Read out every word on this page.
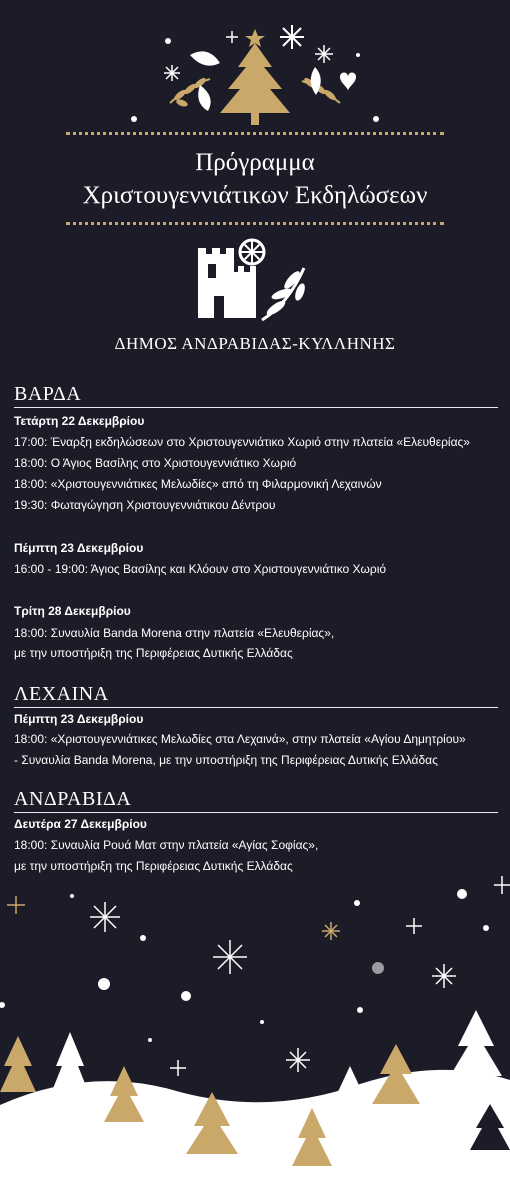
Πρόγραμμα
Χριστουγεννιάτικων Εκδηλώσεων
ΔΗΜΟΣ ΑΝΔΡΑΒΙΔΑΣ-ΚΥΛΛΗΝΗΣ
ΒΑΡΔΑ
Τετάρτη 22 Δεκεμβρίου
17:00: Έναρξη εκδηλώσεων στο Χριστουγεννιάτικο Χωριό στην πλατεία «Ελευθερίας»
18:00: Ο Άγιος Βασίλης στο Χριστουγεννιάτικο Χωριό
18:00: «Χριστουγεννιάτικες Μελωδίες» από τη Φιλαρμονική Λεχαινών
19:30: Φωταγώγηση Χριστουγεννιάτικου Δέντρου
Πέμπτη 23 Δεκεμβρίου
16:00 - 19:00: Άγιος Βασίλης και Κλόουν στο Χριστουγεννιάτικο Χωριό
Τρίτη 28 Δεκεμβρίου
18:00: Συναυλία Banda Morena στην πλατεία «Ελευθερίας»,
με την υποστήριξη της Περιφέρειας Δυτικής Ελλάδας
ΛΕΧΑΙΝΑ
Πέμπτη 23 Δεκεμβρίου
18:00: «Χριστουγεννιάτικες Μελωδίες στα Λεχαινά», στην πλατεία «Αγίου Δημητρίου»
- Συναυλία Banda Morena, με την υποστήριξη της Περιφέρειας Δυτικής Ελλάδας
ΑΝΔΡΑΒΙΔΑ
Δευτέρα 27 Δεκεμβρίου
18:00: Συναυλία Ρουά Ματ στην πλατεία «Αγίας Σοφίας»,
με την υποστήριξη της Περιφέρειας Δυτικής Ελλάδας
